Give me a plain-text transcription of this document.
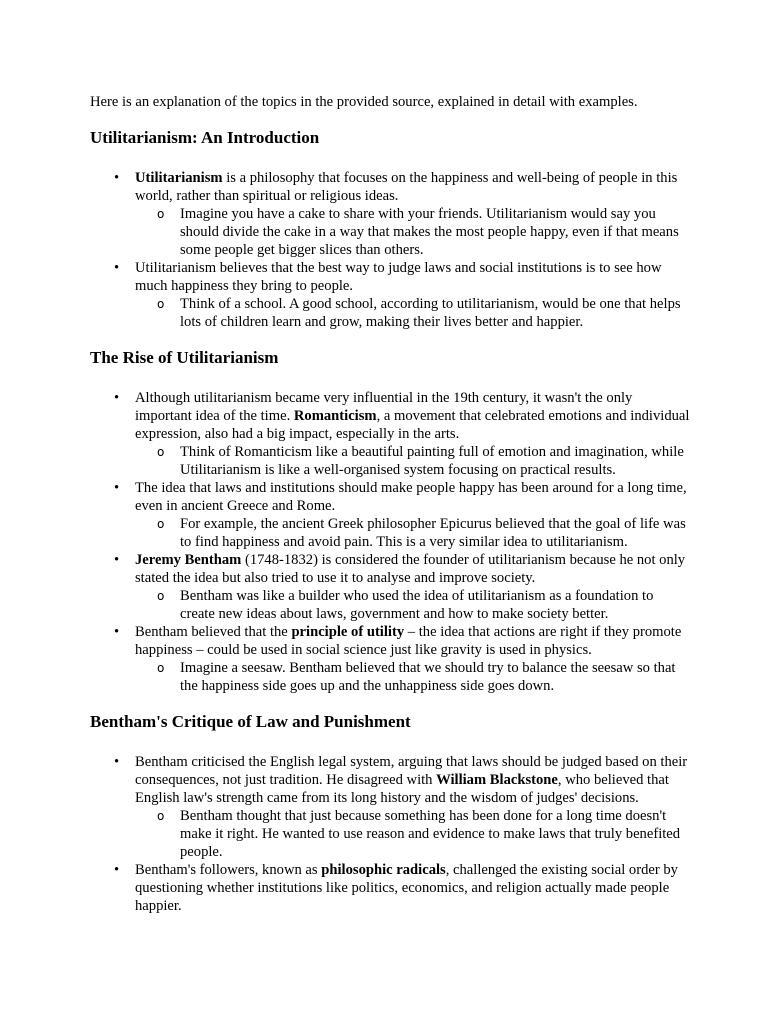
Here is an explanation of the topics in the provided source, explained in detail with examples.

Utilitarianism: An Introduction
• Utilitarianism is a philosophy that focuses on the happiness and well-being of people in this world, rather than spiritual or religious ideas.
o Imagine you have a cake to share with your friends. Utilitarianism would say you should divide the cake in a way that makes the most people happy, even if that means some people get bigger slices than others.
• Utilitarianism believes that the best way to judge laws and social institutions is to see how much happiness they bring to people.
o Think of a school. A good school, according to utilitarianism, would be one that helps lots of children learn and grow, making their lives better and happier.
The Rise of Utilitarianism
• Although utilitarianism became very influential in the 19th century, it wasn't the only important idea of the time. Romanticism, a movement that celebrated emotions and individual expression, also had a big impact, especially in the arts.
o Think of Romanticism like a beautiful painting full of emotion and imagination, while Utilitarianism is like a well-organised system focusing on practical results.
• The idea that laws and institutions should make people happy has been around for a long time, even in ancient Greece and Rome.
o For example, the ancient Greek philosopher Epicurus believed that the goal of life was to find happiness and avoid pain. This is a very similar idea to utilitarianism.
• Jeremy Bentham (1748-1832) is considered the founder of utilitarianism because he not only stated the idea but also tried to use it to analyse and improve society.
o Bentham was like a builder who used the idea of utilitarianism as a foundation to create new ideas about laws, government and how to make society better.
• Bentham believed that the principle of utility – the idea that actions are right if they promote happiness – could be used in social science just like gravity is used in physics.
o Imagine a seesaw. Bentham believed that we should try to balance the seesaw so that the happiness side goes up and the unhappiness side goes down.
Bentham's Critique of Law and Punishment
• Bentham criticised the English legal system, arguing that laws should be judged based on their consequences, not just tradition. He disagreed with William Blackstone, who believed that English law's strength came from its long history and the wisdom of judges' decisions.
o Bentham thought that just because something has been done for a long time doesn't make it right. He wanted to use reason and evidence to make laws that truly benefited people.
• Bentham's followers, known as philosophic radicals, challenged the existing social order by questioning whether institutions like politics, economics, and religion actually made people happier.
